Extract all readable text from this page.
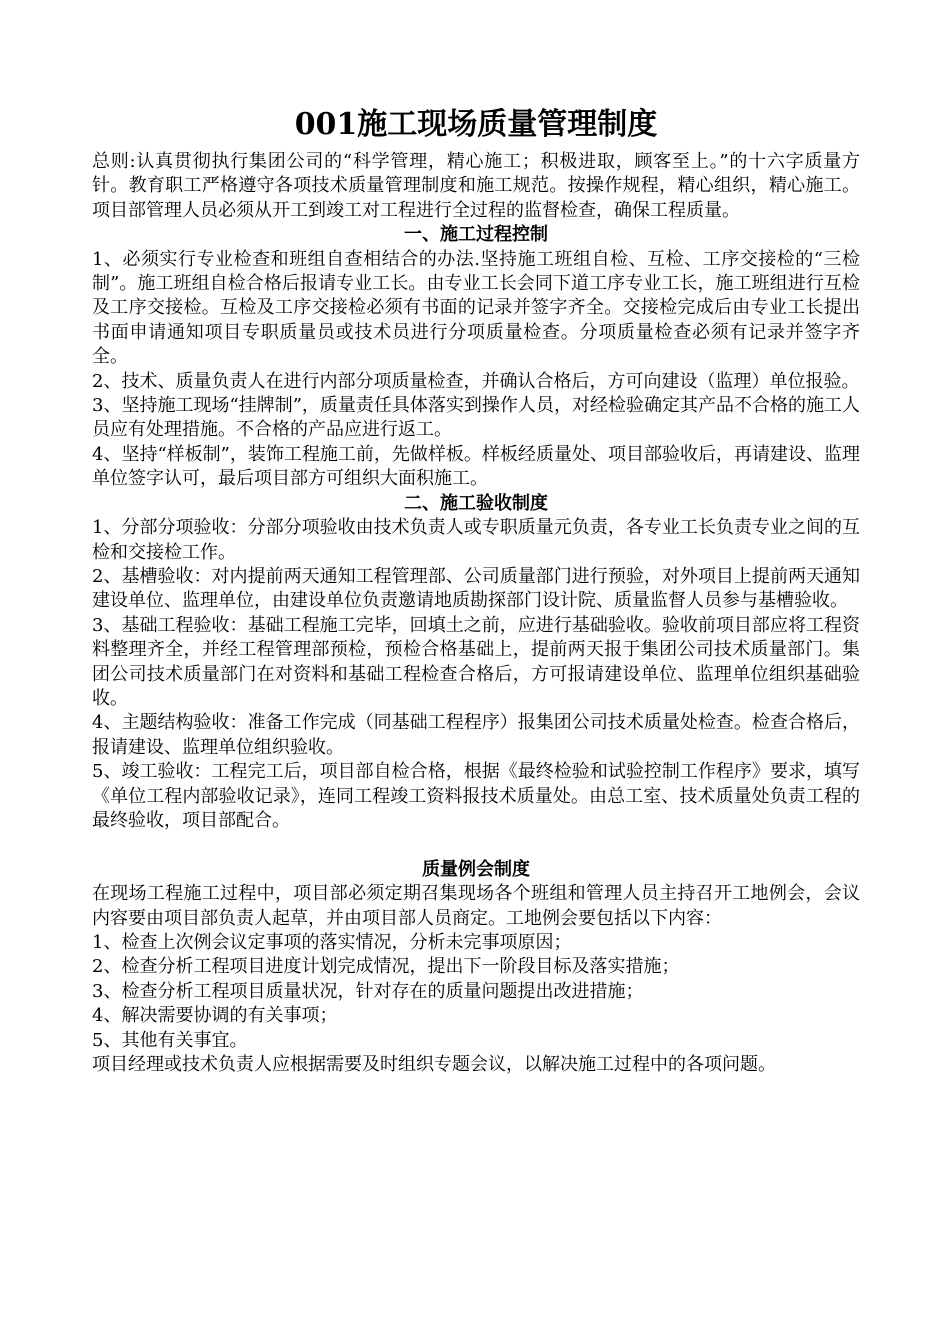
001施工现场质量管理制度

总则:认真贯彻执行集团公司的“科学管理，精心施工；积极进取，顾客至上。”的十六字质量方针。教育职工严格遵守各项技术质量管理制度和施工规范。按操作规程，精心组织，精心施工。项目部管理人员必须从开工到竣工对工程进行全过程的监督检查，确保工程质量。

一、施工过程控制

1、必须实行专业检查和班组自查相结合的办法.坚持施工班组自检、互检、工序交接检的“三检制”。施工班组自检合格后报请专业工长。由专业工长会同下道工序专业工长，施工班组进行互检及工序交接检。互检及工序交接检必须有书面的记录并签字齐全。交接检完成后由专业工长提出书面申请通知项目专职质量员或技术员进行分项质量检查。分项质量检查必须有记录并签字齐全。

2、技术、质量负责人在进行内部分项质量检查，并确认合格后，方可向建设（监理）单位报验。

3、坚持施工现场“挂牌制”，质量责任具体落实到操作人员，对经检验确定其产品不合格的施工人员应有处理措施。不合格的产品应进行返工。

4、坚持“样板制”，装饰工程施工前，先做样板。样板经质量处、项目部验收后，再请建设、监理单位签字认可，最后项目部方可组织大面积施工。

二、施工验收制度

1、分部分项验收：分部分项验收由技术负责人或专职质量元负责，各专业工长负责专业之间的互检和交接检工作。

2、基槽验收：对内提前两天通知工程管理部、公司质量部门进行预验，对外项目上提前两天通知建设单位、监理单位，由建设单位负责邀请地质勘探部门设计院、质量监督人员参与基槽验收。

3、基础工程验收：基础工程施工完毕，回填土之前，应进行基础验收。验收前项目部应将工程资料整理齐全，并经工程管理部预检，预检合格基础上，提前两天报于集团公司技术质量部门。集团公司技术质量部门在对资料和基础工程检查合格后，方可报请建设单位、监理单位组织基础验收。

4、主题结构验收：准备工作完成（同基础工程程序）报集团公司技术质量处检查。检查合格后，报请建设、监理单位组织验收。

5、竣工验收：工程完工后，项目部自检合格，根据《最终检验和试验控制工作程序》要求，填写《单位工程内部验收记录》，连同工程竣工资料报技术质量处。由总工室、技术质量处负责工程的最终验收，项目部配合。

质量例会制度

在现场工程施工过程中，项目部必须定期召集现场各个班组和管理人员主持召开工地例会，会议内容要由项目部负责人起草，并由项目部人员商定。工地例会要包括以下内容：

1、检查上次例会议定事项的落实情况，分析未完事项原因；

2、检查分析工程项目进度计划完成情况，提出下一阶段目标及落实措施；

3、检查分析工程项目质量状况，针对存在的质量问题提出改进措施；

4、解决需要协调的有关事项；

5、其他有关事宜。

项目经理或技术负责人应根据需要及时组织专题会议，以解决施工过程中的各项问题。
